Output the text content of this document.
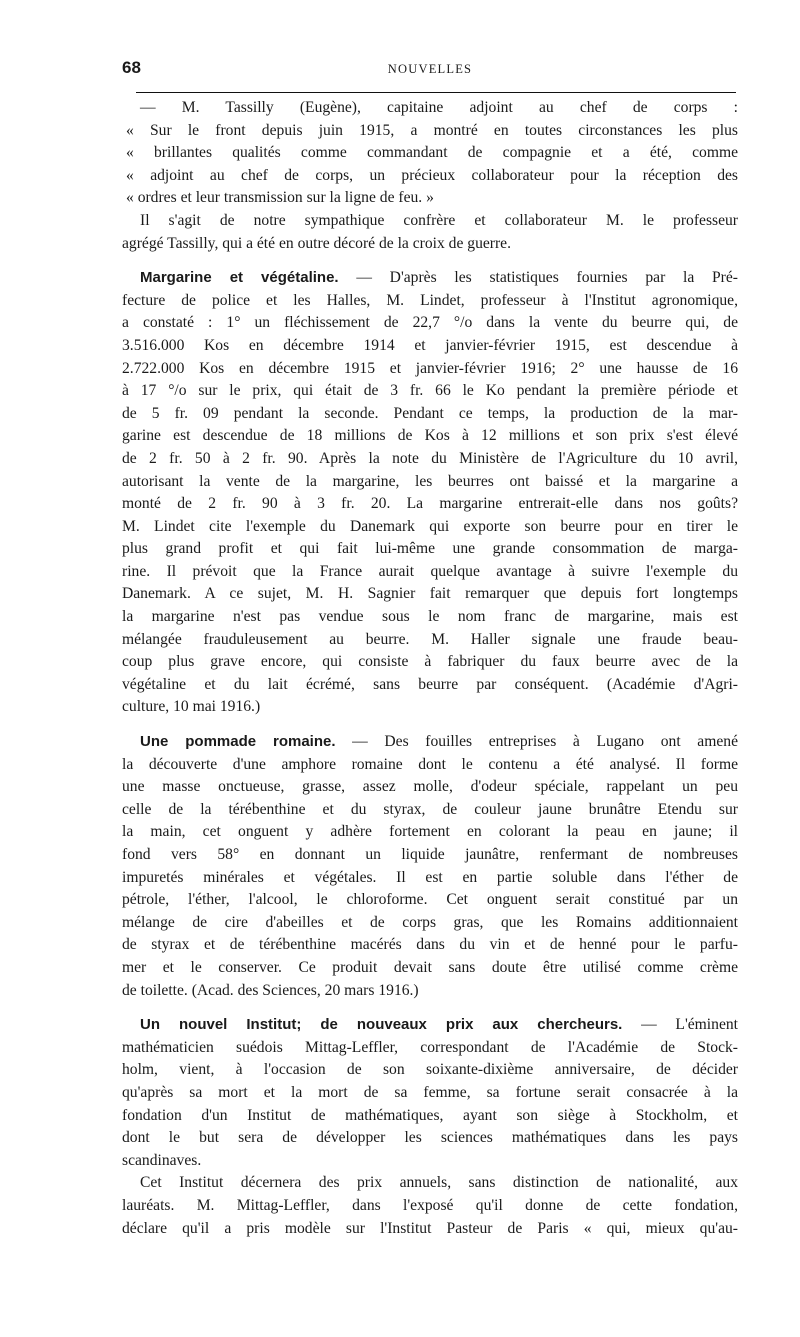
68	NOUVELLES
— M. Tassilly (Eugène), capitaine adjoint au chef de corps :
« Sur le front depuis juin 1915, a montré en toutes circonstances les plus
« brillantes qualités comme commandant de compagnie et a été, comme
« adjoint au chef de corps, un précieux collaborateur pour la réception des
« ordres et leur transmission sur la ligne de feu. »
Il s'agit de notre sympathique confrère et collaborateur M. le professeur
agrégé Tassilly, qui a été en outre décoré de la croix de guerre.
Margarine et végétaline. — D'après les statistiques fournies par la Pré-
fecture de police et les Halles, M. Lindet, professeur à l'Institut agronomique,
a constaté : 1° un fléchissement de 22,7 °/o dans la vente du beurre qui, de
3.516.000 Kos en décembre 1914 et janvier-février 1915, est descendue à
2.722.000 Kos en décembre 1915 et janvier-février 1916; 2° une hausse de 16
à 17 °/o sur le prix, qui était de 3 fr. 66 le Ko pendant la première période et
de 5 fr. 09 pendant la seconde. Pendant ce temps, la production de la mar-
garine est descendue de 18 millions de Kos à 12 millions et son prix s'est élevé
de 2 fr. 50 à 2 fr. 90. Après la note du Ministère de l'Agriculture du 10 avril,
autorisant la vente de la margarine, les beurres ont baissé et la margarine a
monté de 2 fr. 90 à 3 fr. 20. La margarine entrerait-elle dans nos goûts?
M. Lindet cite l'exemple du Danemark qui exporte son beurre pour en tirer le
plus grand profit et qui fait lui-même une grande consommation de marga-
rine. Il prévoit que la France aurait quelque avantage à suivre l'exemple du
Danemark. A ce sujet, M. H. Sagnier fait remarquer que depuis fort longtemps
la margarine n'est pas vendue sous le nom franc de margarine, mais est
mélangée frauduleusement au beurre. M. Haller signale une fraude beau-
coup plus grave encore, qui consiste à fabriquer du faux beurre avec de la
végétaline et du lait écrémé, sans beurre par conséquent. (Académie d'Agri-
culture, 10 mai 1916.)
Une pommade romaine. — Des fouilles entreprises à Lugano ont amené
la découverte d'une amphore romaine dont le contenu a été analysé. Il forme
une masse onctueuse, grasse, assez molle, d'odeur spéciale, rappelant un peu
celle de la térébenthine et du styrax, de couleur jaune brunâtre Etendu sur
la main, cet onguent y adhère fortement en colorant la peau en jaune; il
fond vers 58° en donnant un liquide jaunâtre, renfermant de nombreuses
impuretés minérales et végétales. Il est en partie soluble dans l'éther de
pétrole, l'éther, l'alcool, le chloroforme. Cet onguent serait constitué par un
mélange de cire d'abeilles et de corps gras, que les Romains additionnaient
de styrax et de térébenthine macérés dans du vin et de henné pour le parfu-
mer et le conserver. Ce produit devait sans doute être utilisé comme crème
de toilette. (Acad. des Sciences, 20 mars 1916.)
Un nouvel Institut; de nouveaux prix aux chercheurs. — L'éminent
mathématicien suédois Mittag-Leffler, correspondant de l'Académie de Stock-
holm, vient, à l'occasion de son soixante-dixième anniversaire, de décider
qu'après sa mort et la mort de sa femme, sa fortune serait consacrée à la
fondation d'un Institut de mathématiques, ayant son siège à Stockholm, et
dont le but sera de développer les sciences mathématiques dans les pays
scandinaves.
Cet Institut décernera des prix annuels, sans distinction de nationalité, aux
lauréats. M. Mittag-Leffler, dans l'exposé qu'il donne de cette fondation,
déclare qu'il a pris modèle sur l'Institut Pasteur de Paris « qui, mieux qu'au-
